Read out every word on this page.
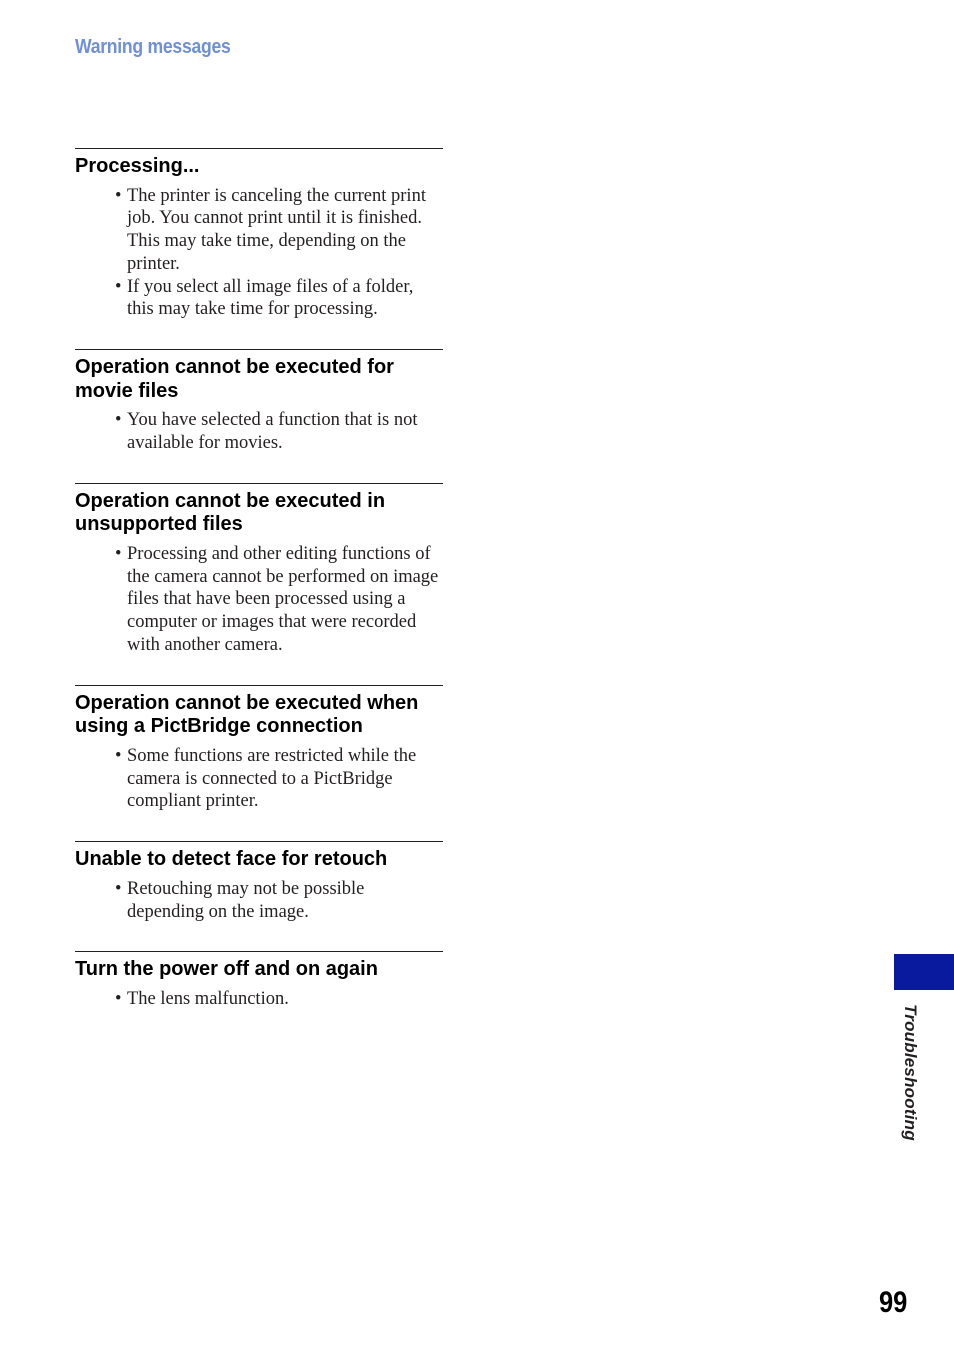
Warning messages
Processing...
• The printer is canceling the current print job. You cannot print until it is finished. This may take time, depending on the printer.
• If you select all image files of a folder, this may take time for processing.
Operation cannot be executed for movie files
• You have selected a function that is not available for movies.
Operation cannot be executed in unsupported files
• Processing and other editing functions of the camera cannot be performed on image files that have been processed using a computer or images that were recorded with another camera.
Operation cannot be executed when using a PictBridge connection
• Some functions are restricted while the camera is connected to a PictBridge compliant printer.
Unable to detect face for retouch
• Retouching may not be possible depending on the image.
Turn the power off and on again
• The lens malfunction.
Troubleshooting
99
